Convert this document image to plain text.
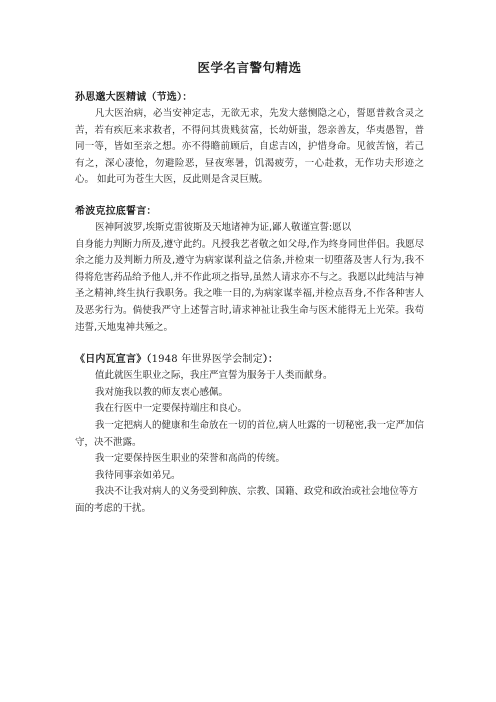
医学名言警句精选
孙思邈大医精诚（节选）：

凡大医治病，必当安神定志，无欲无求，先发大慈恻隐之心，誓愿普救含灵之苦，若有疾厄来求救者，不得问其贵贱贫富，长幼妍蚩，怨亲善友，华夷愚智，普同一等，皆如至亲之想。亦不得瞻前顾后，自虑吉凶，护惜身命。见彼苦恼，若己有之，深心凄怆，勿避险恶，昼夜寒暑，饥渴疲劳，一心赴救，无作功夫形迹之心。 如此可为苍生大医，反此则是含灵巨贼。

希波克拉底誓言：

医神阿波罗,埃斯克雷彼斯及天地诸神为证,鄙人敬谨宣誓:愿以

自身能力判断力所及,遵守此约。凡授我艺者敬之如父母,作为终身同世伴侣。我愿尽余之能力及判断力所及,遵守为病家谋利益之信条,并检束一切堕落及害人行为,我不得将危害药品给予他人,并不作此项之指导,虽然人请求亦不与之。我愿以此纯洁与神圣之精神,终生执行我职务。我之唯一目的,为病家谋幸福,并检点吾身,不作各种害人及恶劣行为。倘使我严守上述誓言时,请求神祉让我生命与医术能得无上光荣。我苟违誓,天地鬼神共殛之。

《日内瓦宣言》（1948 年世界医学会制定）：

值此就医生职业之际，我庄严宣誓为服务于人类而献身。

我对施我以教的师友衷心感佩。

我在行医中一定要保持端庄和良心。

我一定把病人的健康和生命放在一切的首位,病人吐露的一切秘密,我一定严加信守，决不泄露。

我一定要保持医生职业的荣誉和高尚的传统。

我待同事亲如弟兄。

我决不让我对病人的义务受到种族、宗教、国籍、政党和政治或社会地位等方面的考虑的干扰。
